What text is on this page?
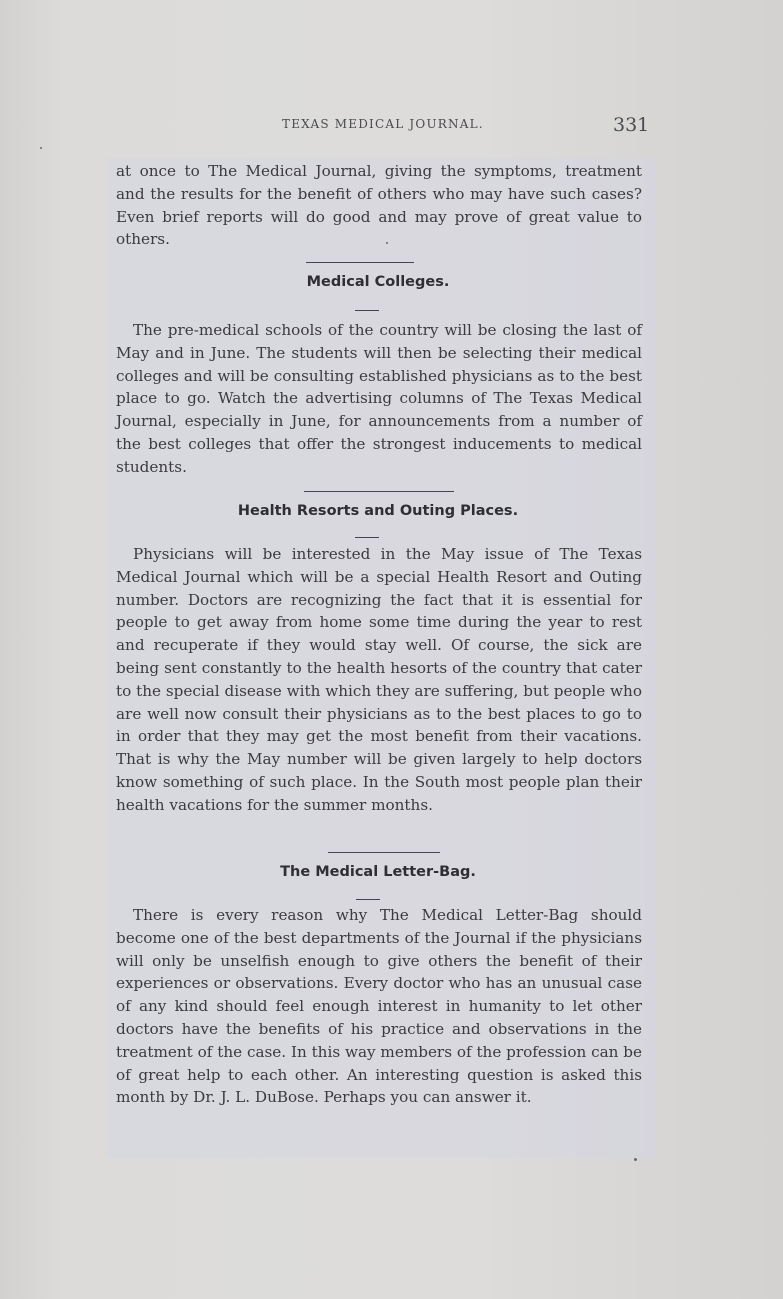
TEXAS MEDICAL JOURNAL.	331

at once to The Medical Journal, giving the symptoms, treatment and the results for the benefit of others who may have such cases? Even brief reports will do good and may prove of great value to others.

Medical Colleges.

The pre-medical schools of the country will be closing the last of May and in June. The students will then be selecting their medical colleges and will be consulting established physicians as to the best place to go. Watch the advertising columns of The Texas Medical Journal, especially in June, for announcements from a number of the best colleges that offer the strongest inducements to medical students.

Health Resorts and Outing Places.

Physicians will be interested in the May issue of The Texas Medical Journal which will be a special Health Resort and Outing number. Doctors are recognizing the fact that it is essential for people to get away from home some time during the year to rest and recuperate if they would stay well. Of course, the sick are being sent constantly to the health hesorts of the country that cater to the special disease with which they are suffering, but people who are well now consult their physicians as to the best places to go to in order that they may get the most benefit from their vacations. That is why the May number will be given largely to help doctors know something of such place. In the South most people plan their health vacations for the summer months.

The Medical Letter-Bag.

There is every reason why The Medical Letter-Bag should become one of the best departments of the Journal if the physicians will only be unselfish enough to give others the benefit of their experiences or observations. Every doctor who has an unusual case of any kind should feel enough interest in humanity to let other doctors have the benefits of his practice and observations in the treatment of the case. In this way members of the profession can be of great help to each other. An interesting question is asked this month by Dr. J. L. DuBose. Perhaps you can answer it.
